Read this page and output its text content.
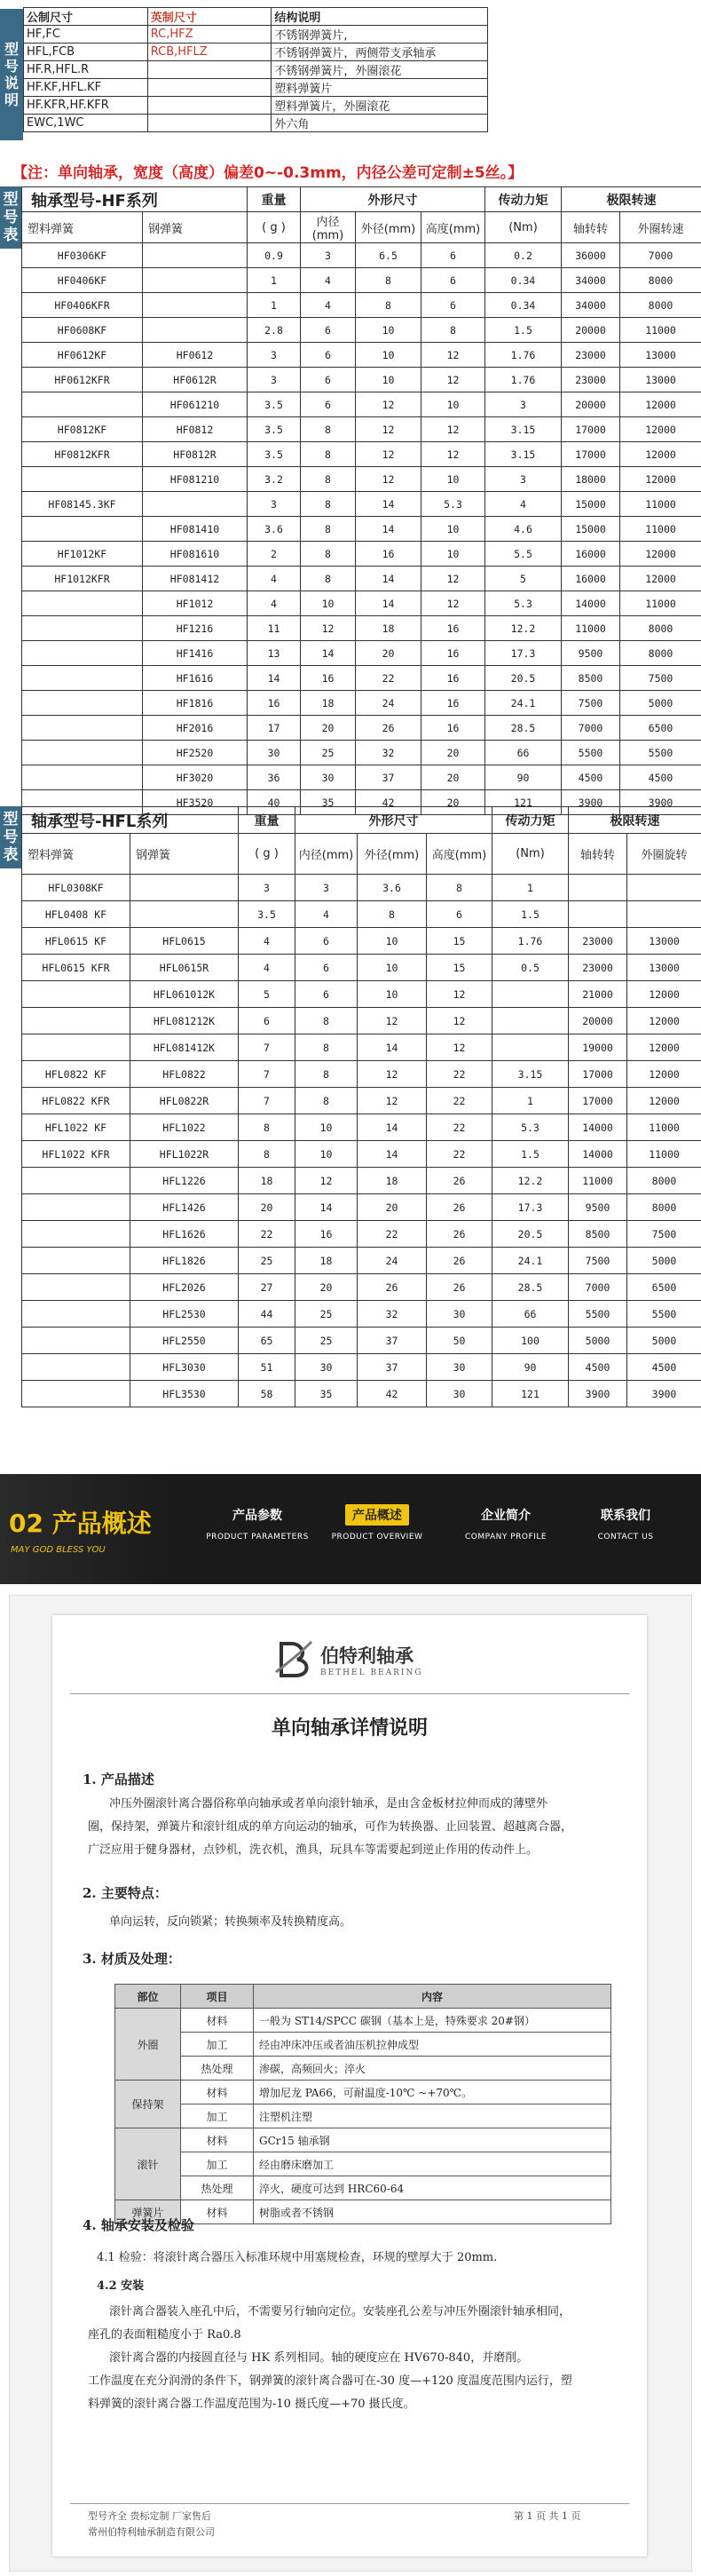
型号说明
公制尺寸	英制尺寸	结构说明
HF,FC	RC,HFZ	不锈钢弹簧片,
HFL,FCB	RCB,HFLZ	不锈钢弹簧片，两侧带支承轴承
HF.R,HFL.R		不锈钢弹簧片，外圈滚花
HF.KF,HFL.KF		塑料弹簧片
HF.KFR,HF.KFR		塑料弹簧片，外圈滚花
EWC,1WC		外六角
【注：单向轴承，宽度（高度）偏差0~-0.3mm，内径公差可定制±5丝。】
型号表
轴承型号-HF系列		重量	外形尺寸			传动力矩	极限转速	
塑料弹簧	钢弹簧	( g )	内径(mm)	外径(mm)	高度(mm)	(Nm)	轴转转	外圈转速
HF0306KF		0.9	3	6.5	6	0.2	36000	7000
HF0406KF		1	4	8	6	0.34	34000	8000
HF0406KFR		1	4	8	6	0.34	34000	8000
HF0608KF		2.8	6	10	8	1.5	20000	11000
HF0612KF	HF0612	3	6	10	12	1.76	23000	13000
HF0612KFR	HF0612R	3	6	10	12	1.76	23000	13000
	HF061210	3.5	6	12	10	3	20000	12000
HF0812KF	HF0812	3.5	8	12	12	3.15	17000	12000
HF0812KFR	HF0812R	3.5	8	12	12	3.15	17000	12000
	HF081210	3.2	8	12	10	3	18000	12000
HF08145.3KF		3	8	14	5.3	4	15000	11000
	HF081410	3.6	8	14	10	4.6	15000	11000
HF1012KF	HF081610	2	8	16	10	5.5	16000	12000
HF1012KFR	HF081412	4	8	14	12	5	16000	12000
	HF1012	4	10	14	12	5.3	14000	11000
	HF1216	11	12	18	16	12.2	11000	8000
	HF1416	13	14	20	16	17.3	9500	8000
	HF1616	14	16	22	16	20.5	8500	7500
	HF1816	16	18	24	16	24.1	7500	5000
	HF2016	17	20	26	16	28.5	7000	6500
	HF2520	30	25	32	20	66	5500	5500
	HF3020	36	30	37	20	90	4500	4500
	HF3520	40	35	42	20	121	3900	3900
型号表
轴承型号-HFL系列		重量	外形尺寸			传动力矩	极限转速	
塑料弹簧	钢弹簧	( g )	内径(mm)	外径(mm)	高度(mm)	(Nm)	轴转转	外圈旋转
HFL0308KF		3	3	3.6	8	1		
HFL0408 KF		3.5	4	8	6	1.5		
HFL0615 KF	HFL0615	4	6	10	15	1.76	23000	13000
HFL0615 KFR	HFL0615R	4	6	10	15	0.5	23000	13000
	HFL061012K	5	6	10	12		21000	12000
	HFL081212K	6	8	12	12		20000	12000
	HFL081412K	7	8	14	12		19000	12000
HFL0822 KF	HFL0822	7	8	12	22	3.15	17000	12000
HFL0822 KFR	HFL0822R	7	8	12	22	1	17000	12000
HFL1022 KF	HFL1022	8	10	14	22	5.3	14000	11000
HFL1022 KFR	HFL1022R	8	10	14	22	1.5	14000	11000
	HFL1226	18	12	18	26	12.2	11000	8000
	HFL1426	20	14	20	26	17.3	9500	8000
	HFL1626	22	16	22	26	20.5	8500	7500
	HFL1826	25	18	24	26	24.1	7500	5000
	HFL2026	27	20	26	26	28.5	7000	6500
	HFL2530	44	25	32	30	66	5500	5500
	HFL2550	65	25	37	50	100	5000	5000
	HFL3030	51	30	37	30	90	4500	4500
	HFL3530	58	35	42	30	121	3900	3900
02 产品概述
MAY GOD BLESS YOU
产品参数
PRODUCT PARAMETERS
产品概述
PRODUCT OVERVIEW
企业简介
COMPANY PROFILE
联系我们
CONTACT US
伯特利轴承
BETHEL BEARING
单向轴承详情说明
1. 产品描述
冲压外圈滚针离合器俗称单向轴承或者单向滚针轴承，是由含金板材拉伸而成的薄壁外
圈，保持架，弹簧片和滚针组成的单方向运动的轴承，可作为转换器、止回装置、超越离合器，
广泛应用于健身器材，点钞机，洗衣机，渔具，玩具车等需要起到逆止作用的传动件上。
2. 主要特点：
单向运转，反向锁紧；转换频率及转换精度高。
3. 材质及处理：
部位	项目	内容
外圈	材料	一般为 ST14/SPCC 碳钢（基本上是，特殊要求 20#钢）
	加工	经由冲床冲压或者油压机拉伸成型
	热处理	渗碳，高频回火；淬火
保持架	材料	增加尼龙 PA66，可耐温度-10℃ ~+70℃。
	加工	注塑机注塑
滚针	材料	GCr15 轴承钢
	加工	经由磨床磨加工
	热处理	淬火，硬度可达到 HRC60-64
弹簧片	材料	树脂或者不锈钢
4. 轴承安装及检验
4.1 检验：将滚针离合器压入标准环规中用塞规检查，环规的壁厚大于 20mm.
4.2 安装
滚针离合器装入座孔中后，不需要另行轴向定位。安装座孔公差与冲压外圈滚针轴承相同，
座孔的表面粗糙度小于 Ra0.8
滚针离合器的内接圆直径与 HK 系列相同。轴的硬度应在 HV670-840，并磨削。
工作温度在充分润滑的条件下，钢弹簧的滚针离合器可在-30 度—+120 度温度范围内运行，塑
料弹簧的滚针离合器工作温度范围为-10 摄氏度—+70 摄氏度。
型号齐全 贵标定制 厂家售后
常州伯特利轴承制造有限公司
第 1 页 共 1 页
